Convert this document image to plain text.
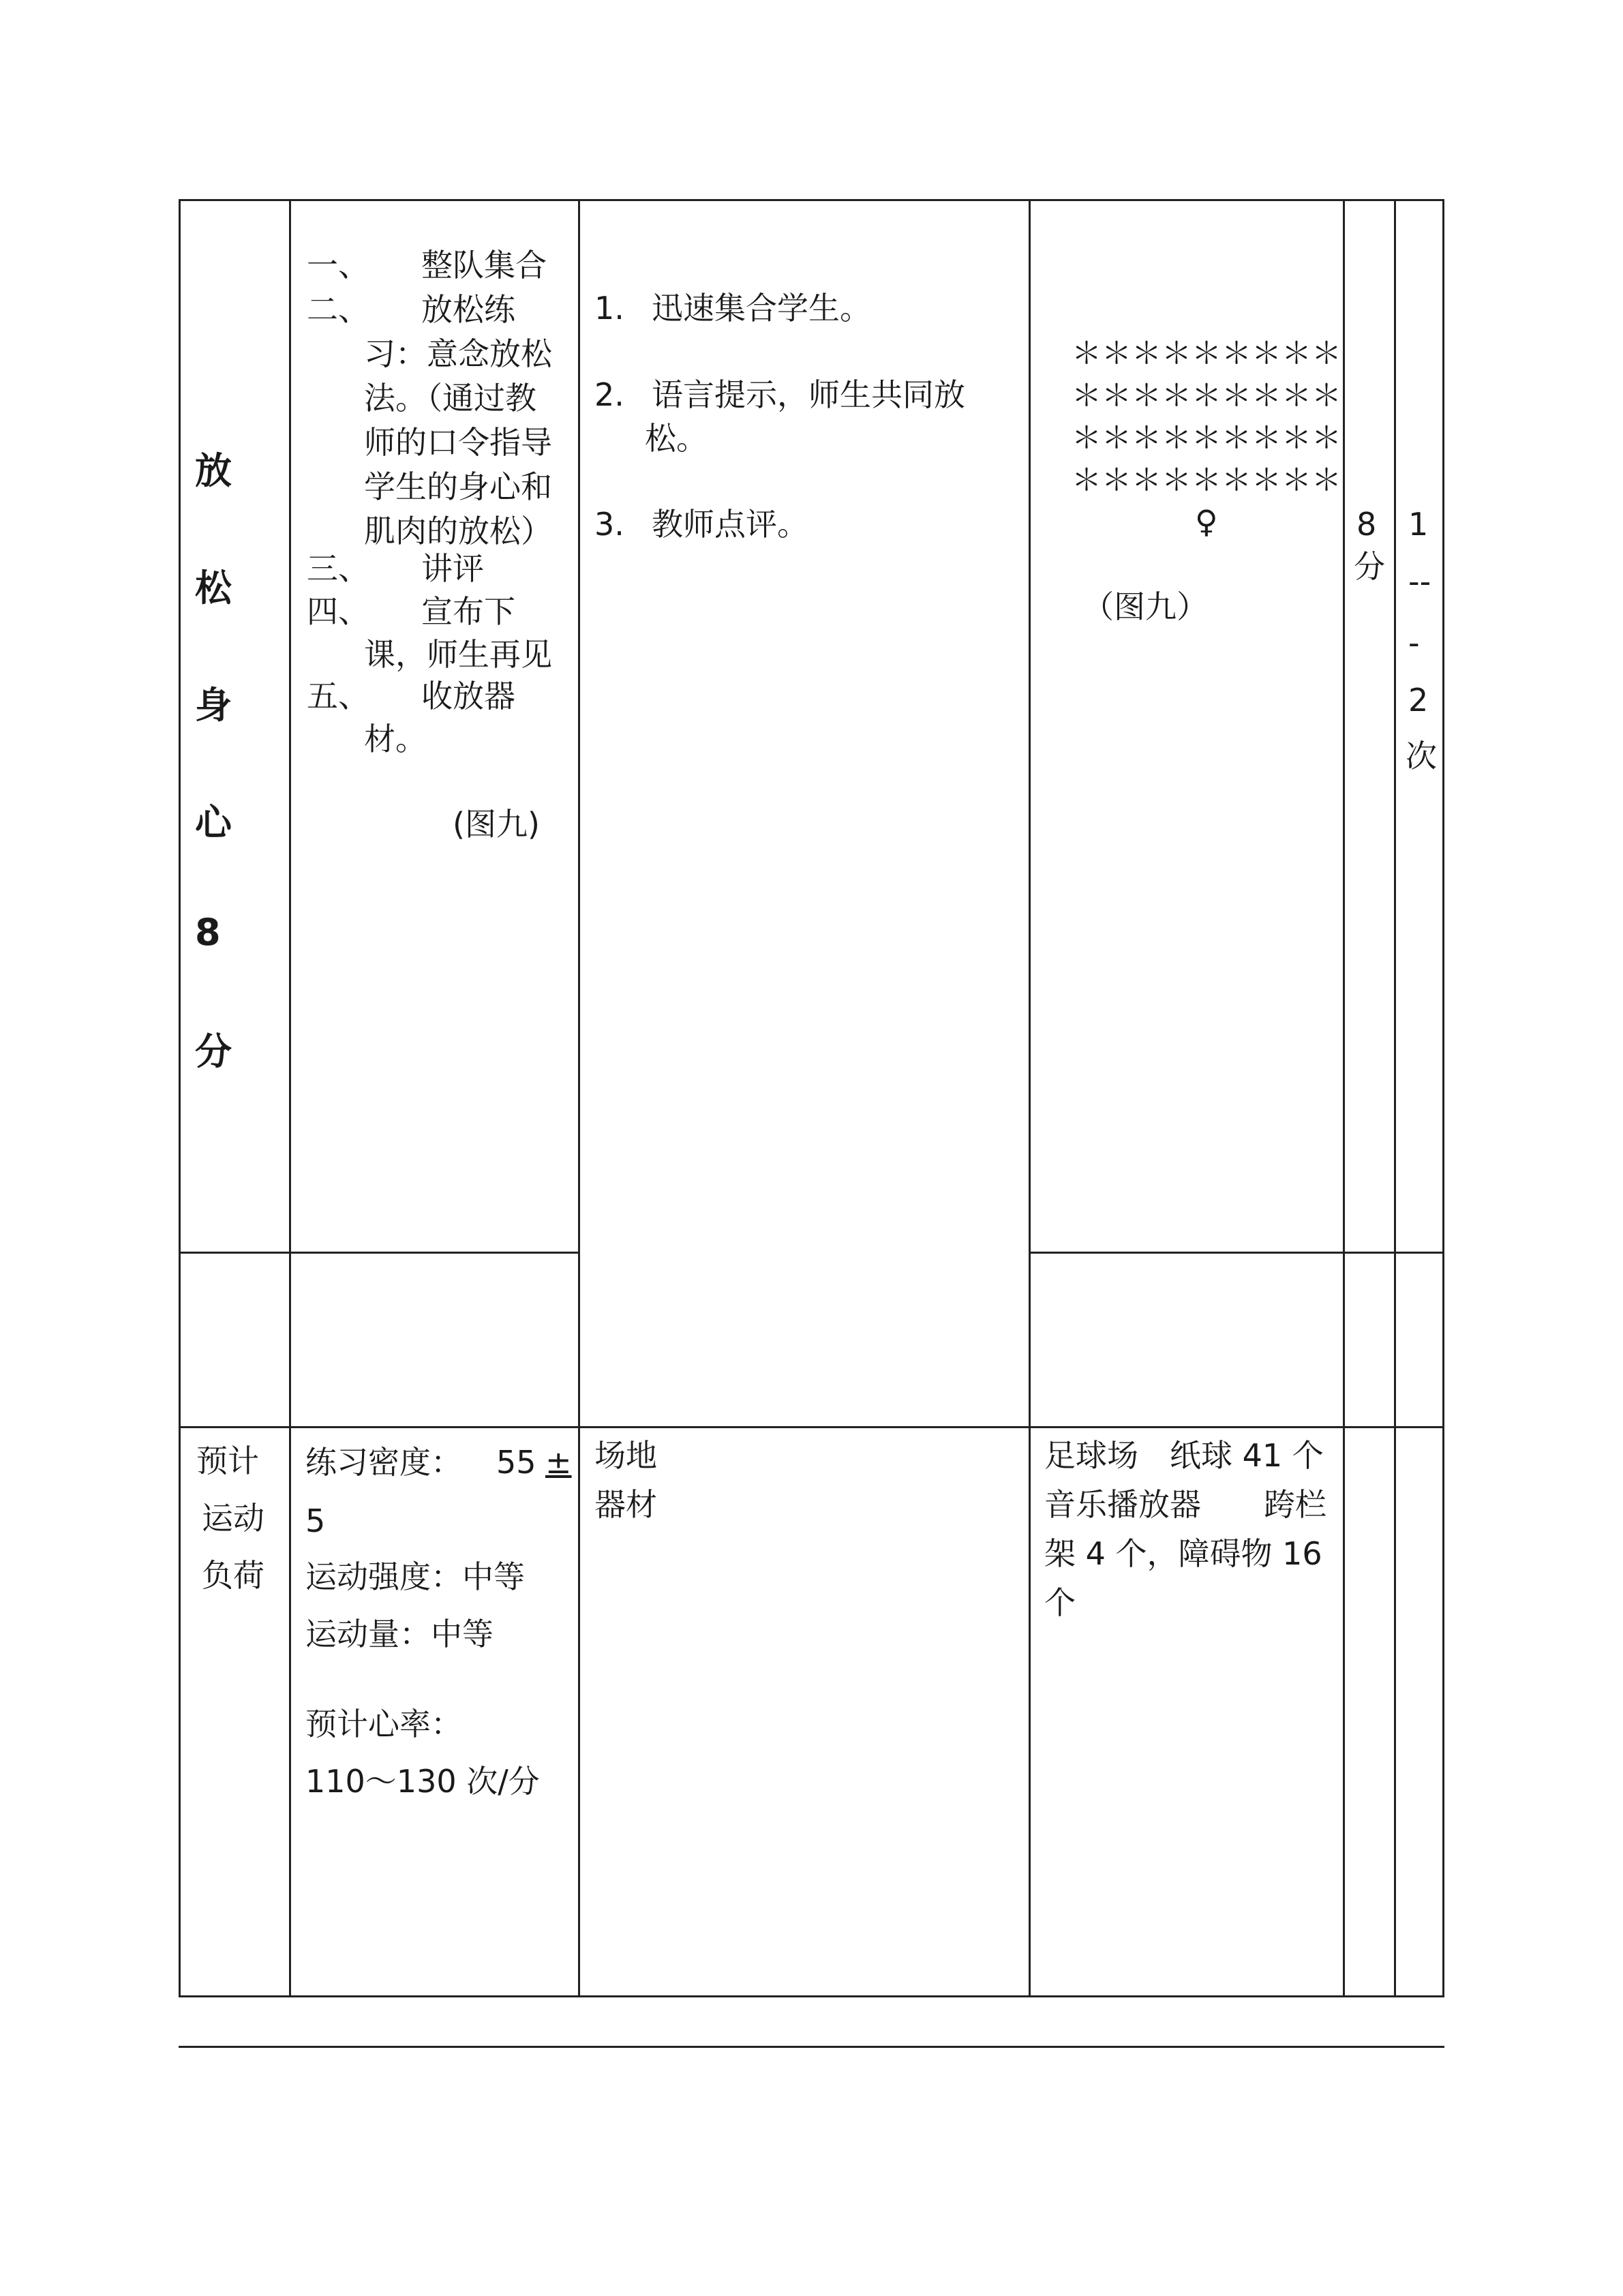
放
松
身
心
8
分
一、 整队集合
二、 放松练
习：意念放松
法。（通过教
师的口令指导
学生的身心和
肌肉的放松）
三、 讲评
四、 宣布下
课，师生再见
五、 收放器
材。
(图九)
1. 迅速集合学生。
2. 语言提示，师生共同放
松。
3. 教师点评。
＊＊＊＊＊＊＊＊＊
＊＊＊＊＊＊＊＊＊
＊＊＊＊＊＊＊＊＊
＊＊＊＊＊＊＊＊＊
♀
（图九）
8
分
1
--
-
2
次
预计
运动
负荷
练习密度： 55 ±
5
运动强度：中等
运动量：中等
预计心率：
110～130 次/分
场地
器材
足球场　纸球 41 个
音乐播放器　　跨栏
架 4 个，障碍物 16
个
